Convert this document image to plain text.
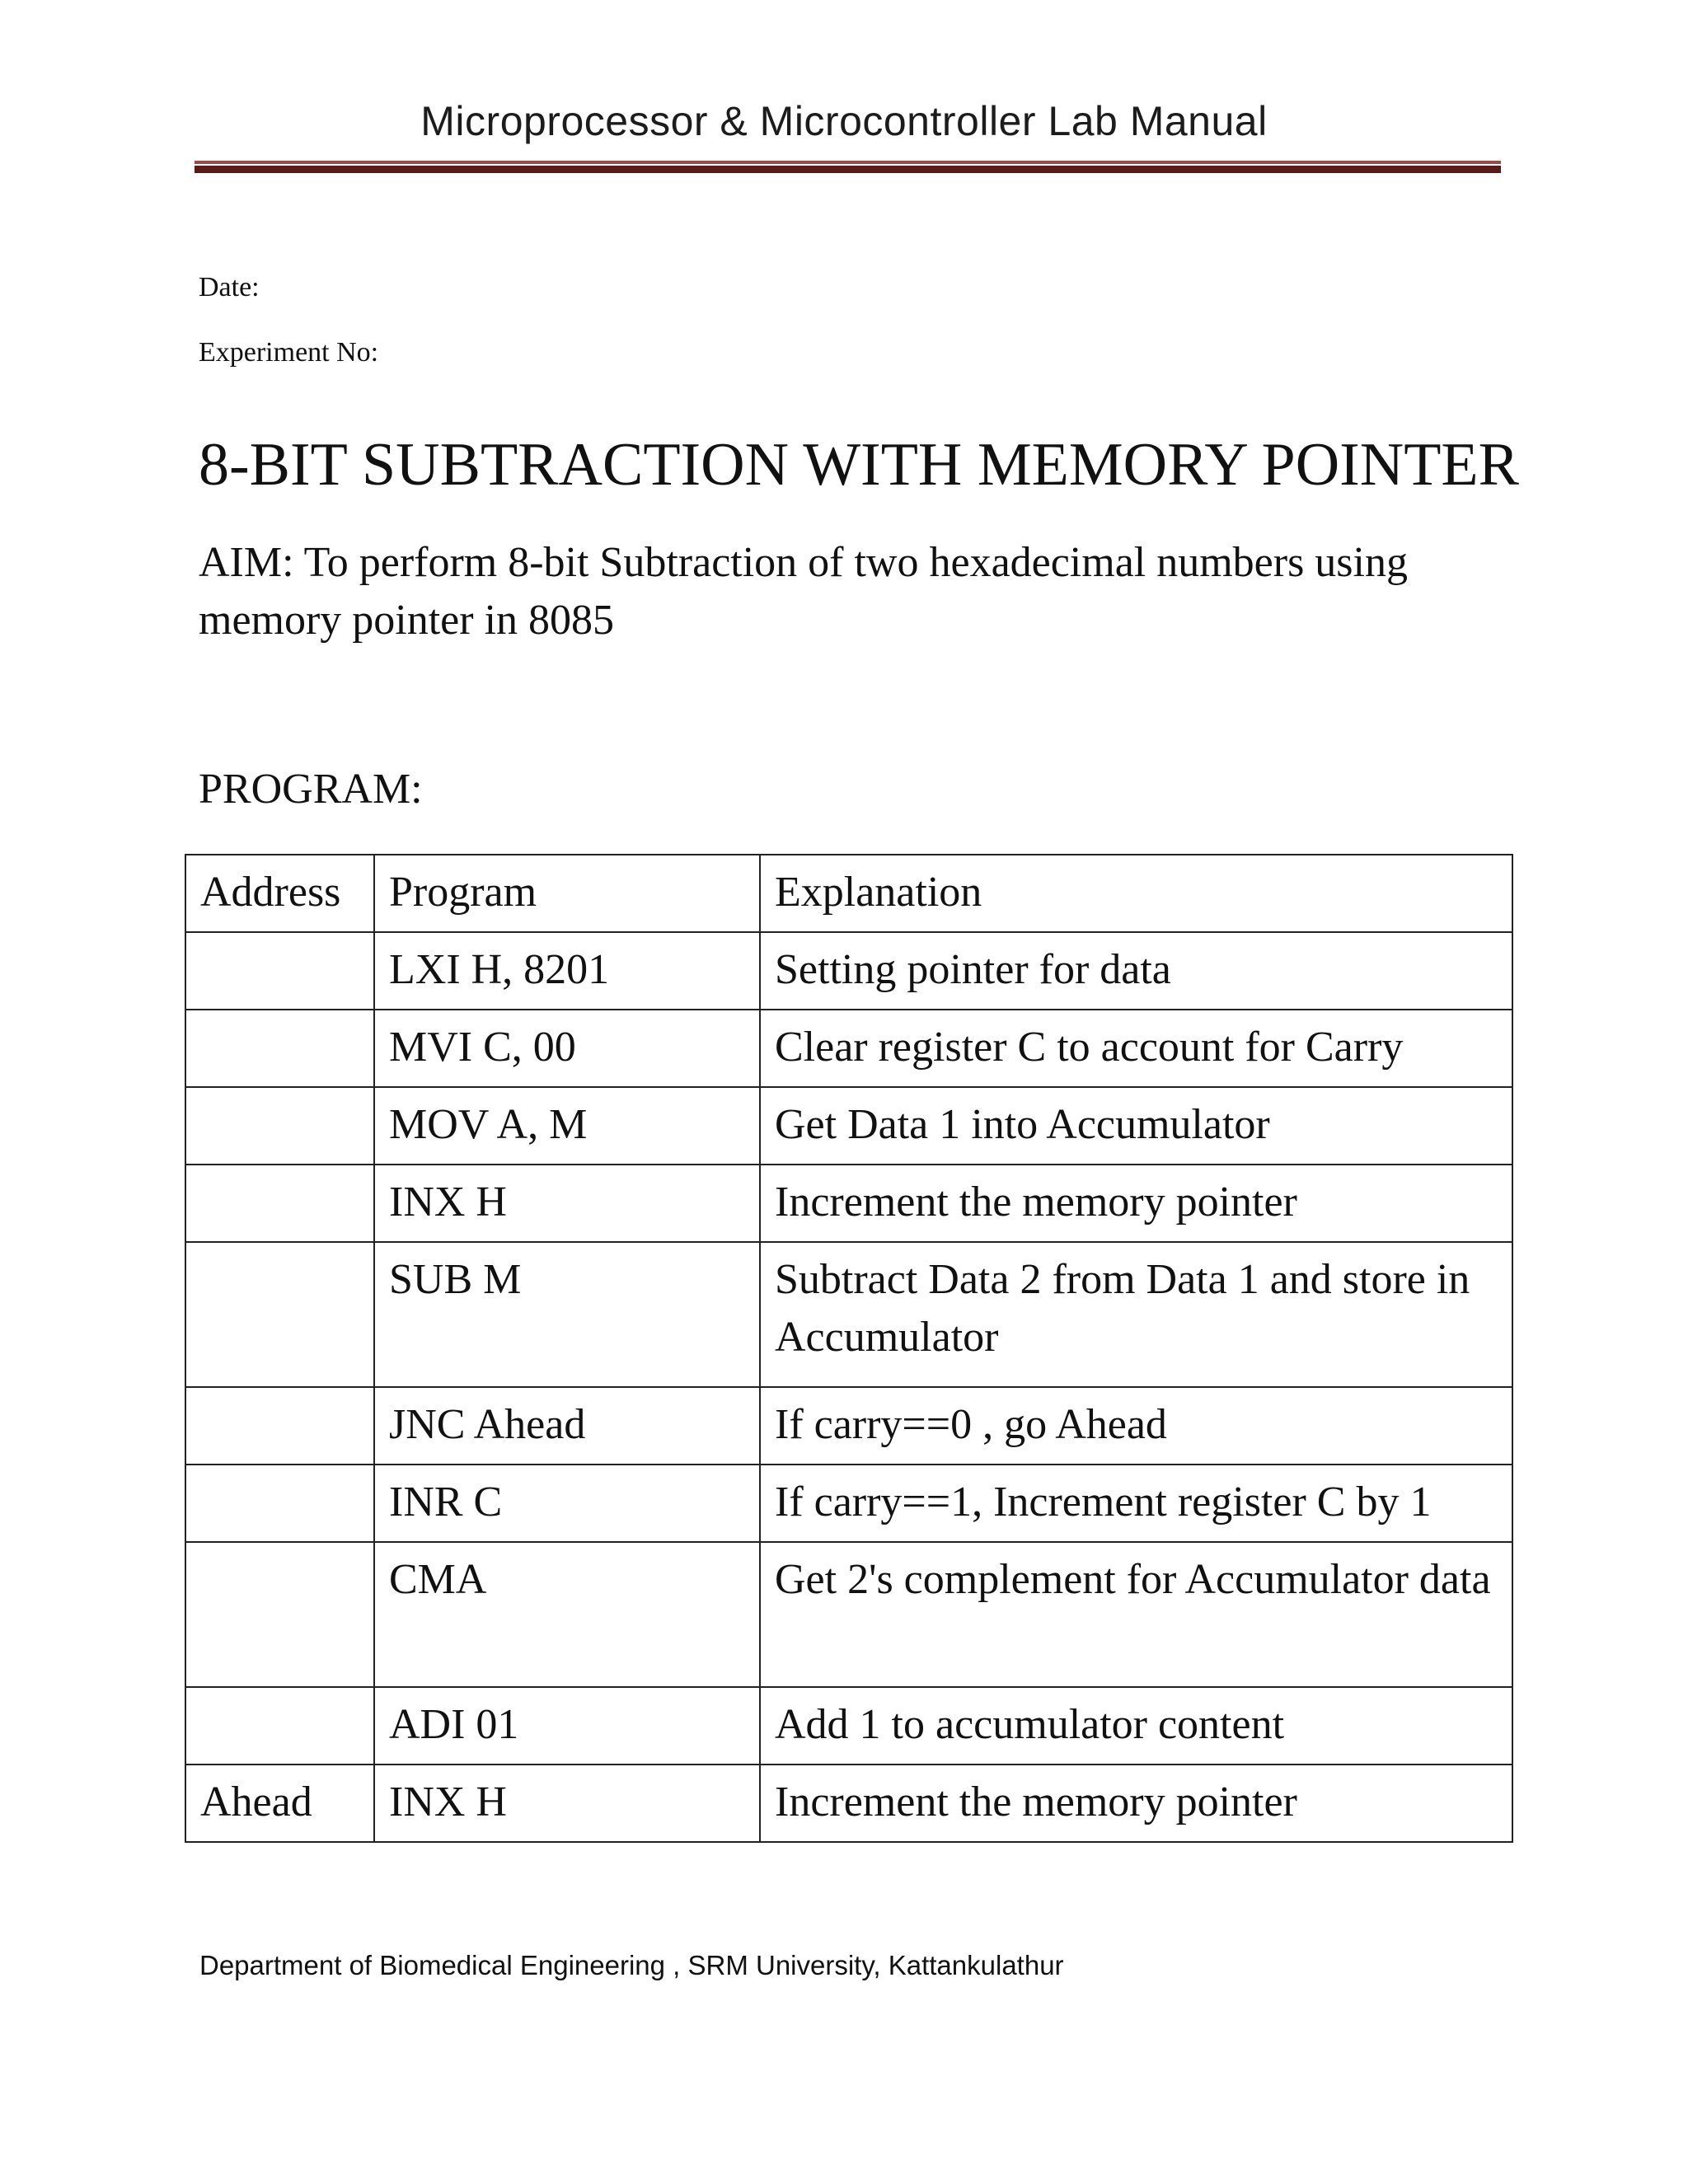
Microprocessor & Microcontroller Lab Manual
Date:
Experiment No:
8-BIT SUBTRACTION WITH MEMORY POINTER
AIM: To perform 8-bit Subtraction of two hexadecimal numbers using memory pointer in 8085
PROGRAM:
Address	Program	Explanation
	LXI H, 8201	Setting pointer for data
	MVI C, 00	Clear register C to account for Carry
	MOV A, M	Get Data 1 into Accumulator
	INX H	Increment the memory pointer
	SUB M	Subtract Data 2 from Data 1 and store in Accumulator
	JNC Ahead	If carry==0 , go Ahead
	INR C	If carry==1, Increment register C by 1
	CMA	Get 2's complement for Accumulator data
	ADI 01	Add 1 to accumulator content
Ahead	INX H	Increment the memory pointer
Department of Biomedical Engineering , SRM University, Kattankulathur
